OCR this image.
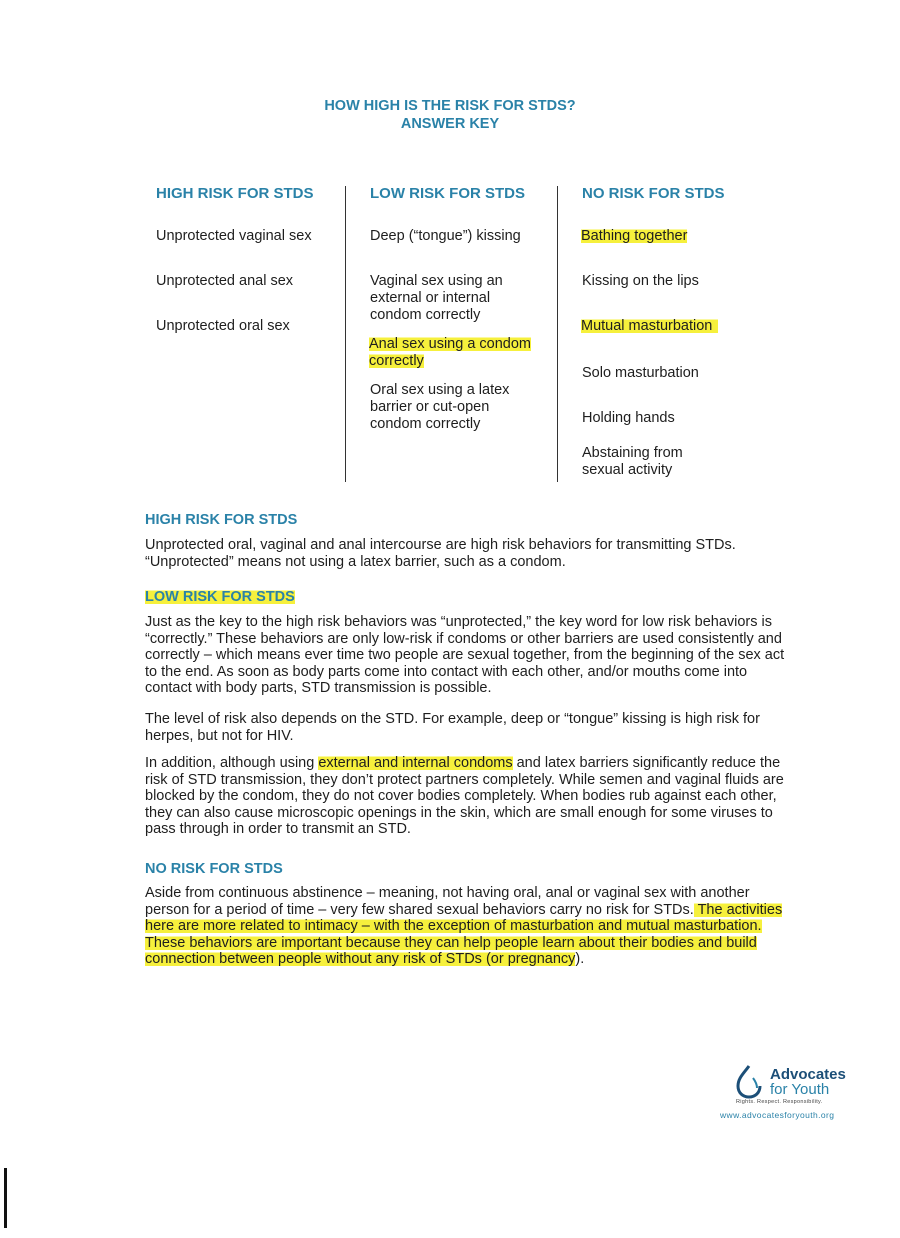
HOW HIGH IS THE RISK FOR STDS?
ANSWER KEY
HIGH RISK FOR STDS
Unprotected vaginal sex
Unprotected anal sex
Unprotected oral sex
LOW RISK FOR STDS
Deep (“tongue”) kissing
Vaginal sex using an
external or internal
condom correctly
Anal sex using a condom
correctly
Oral sex using a latex
barrier or cut-open
condom correctly
NO RISK FOR STDS
Bathing together
Kissing on the lips
Mutual masturbation
Solo masturbation
Holding hands
Abstaining from
sexual activity
HIGH RISK FOR STDS

Unprotected oral, vaginal and anal intercourse are high risk behaviors for transmitting STDs. “Unprotected” means not using a latex barrier, such as a condom.

LOW RISK FOR STDS

Just as the key to the high risk behaviors was “unprotected,” the key word for low risk behaviors is “correctly.” These behaviors are only low-risk if condoms or other barriers are used consistently and correctly – which means ever time two people are sexual together, from the beginning of the sex act to the end. As soon as body parts come into contact with each other, and/or mouths come into contact with body parts, STD transmission is possible.

The level of risk also depends on the STD. For example, deep or “tongue” kissing is high risk for herpes, but not for HIV.

In addition, although using external and internal condoms and latex barriers significantly reduce the risk of STD transmission, they don’t protect partners completely. While semen and vaginal fluids are blocked by the condom, they do not cover bodies completely. When bodies rub against each other, they can also cause microscopic openings in the skin, which are small enough for some viruses to pass through in order to transmit an STD.

NO RISK FOR STDS

Aside from continuous abstinence – meaning, not having oral, anal or vaginal sex with another person for a period of time – very few shared sexual behaviors carry no risk for STDs. The activities here are more related to intimacy – with the exception of masturbation and mutual masturbation. These behaviors are important because they can help people learn about their bodies and build connection between people without any risk of STDs (or pregnancy).

Advocates
for Youth
Rights. Respect. Responsibility.
www.advocatesforyouth.org
